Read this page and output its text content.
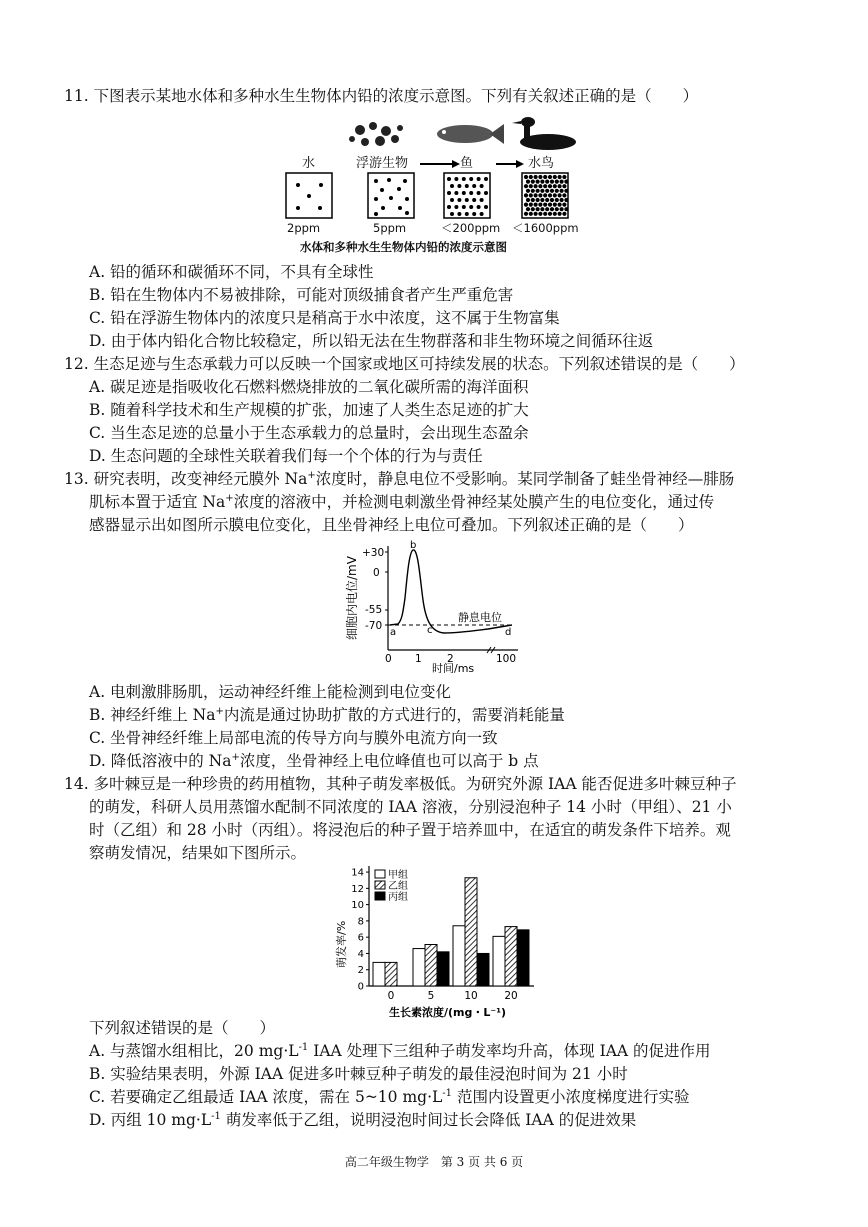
11. 下图表示某地水体和多种水生生物体内铅的浓度示意图。下列有关叙述正确的是（　　）
水	浮游生物	鱼	水鸟
2ppm	5ppm	＜200ppm ＜1600ppm
水体和多种水生生物体内铅的浓度示意图
A. 铅的循环和碳循环不同，不具有全球性
B. 铅在生物体内不易被排除，可能对顶级捕食者产生严重危害
C. 铅在浮游生物体内的浓度只是稍高于水中浓度，这不属于生物富集
D. 由于体内铅化合物比较稳定，所以铅无法在生物群落和非生物环境之间循环往返
12. 生态足迹与生态承载力可以反映一个国家或地区可持续发展的状态。下列叙述错误的是（　　）
A. 碳足迹是指吸收化石燃料燃烧排放的二氧化碳所需的海洋面积
B. 随着科学技术和生产规模的扩张，加速了人类生态足迹的扩大
C. 当生态足迹的总量小于生态承载力的总量时，会出现生态盈余
D. 生态问题的全球性关联着我们每一个个体的行为与责任
13. 研究表明，改变神经元膜外 Na+浓度时，静息电位不受影响。某同学制备了蛙坐骨神经—腓肠
肌标本置于适宜 Na+浓度的溶液中，并检测电刺激坐骨神经某处膜产生的电位变化，通过传
感器显示出如图所示膜电位变化，且坐骨神经上电位可叠加。下列叙述正确的是（　　）
细胞内电位/mV
+30
0
-55
-70
a
b
c	d
静息电位
0 1 2	100
时间/ms
A. 电刺激腓肠肌，运动神经纤维上能检测到电位变化
B. 神经纤维上 Na+内流是通过协助扩散的方式进行的，需要消耗能量
C. 坐骨神经纤维上局部电流的传导方向与膜外电流方向一致
D. 降低溶液中的 Na+浓度，坐骨神经上电位峰值也可以高于 b 点
14. 多叶棘豆是一种珍贵的药用植物，其种子萌发率极低。为研究外源 IAA 能否促进多叶棘豆种子
的萌发，科研人员用蒸馏水配制不同浓度的 IAA 溶液，分别浸泡种子 14 小时（甲组）、21 小
时（乙组）和 28 小时（丙组）。将浸泡后的种子置于培养皿中，在适宜的萌发条件下培养。观
察萌发情况，结果如下图所示。
萌发率/%
生长素浓度/(mg・L⁻¹)
0
2
4
6
8
10
12
14
0	5	10	20
甲组
乙组
丙组
下列叙述错误的是（　　）
A. 与蒸馏水组相比，20 $mg\cdot L^{-1}$ IAA 处理下三组种子萌发率均升高，体现 IAA 的促进作用
B. 实验结果表明，外源 IAA 促进多叶棘豆种子萌发的最佳浸泡时间为 21 小时
C. 若要确定乙组最适 IAA 浓度，需在 5~10 $mg\cdot L^{-1}$ 范围内设置更小浓度梯度进行实验
D. 丙组 10 $mg\cdot L^{-1}$ 萌发率低于乙组，说明浸泡时间过长会降低 IAA 的促进效果
高二年级生物学　第 3 页 共 6 页
